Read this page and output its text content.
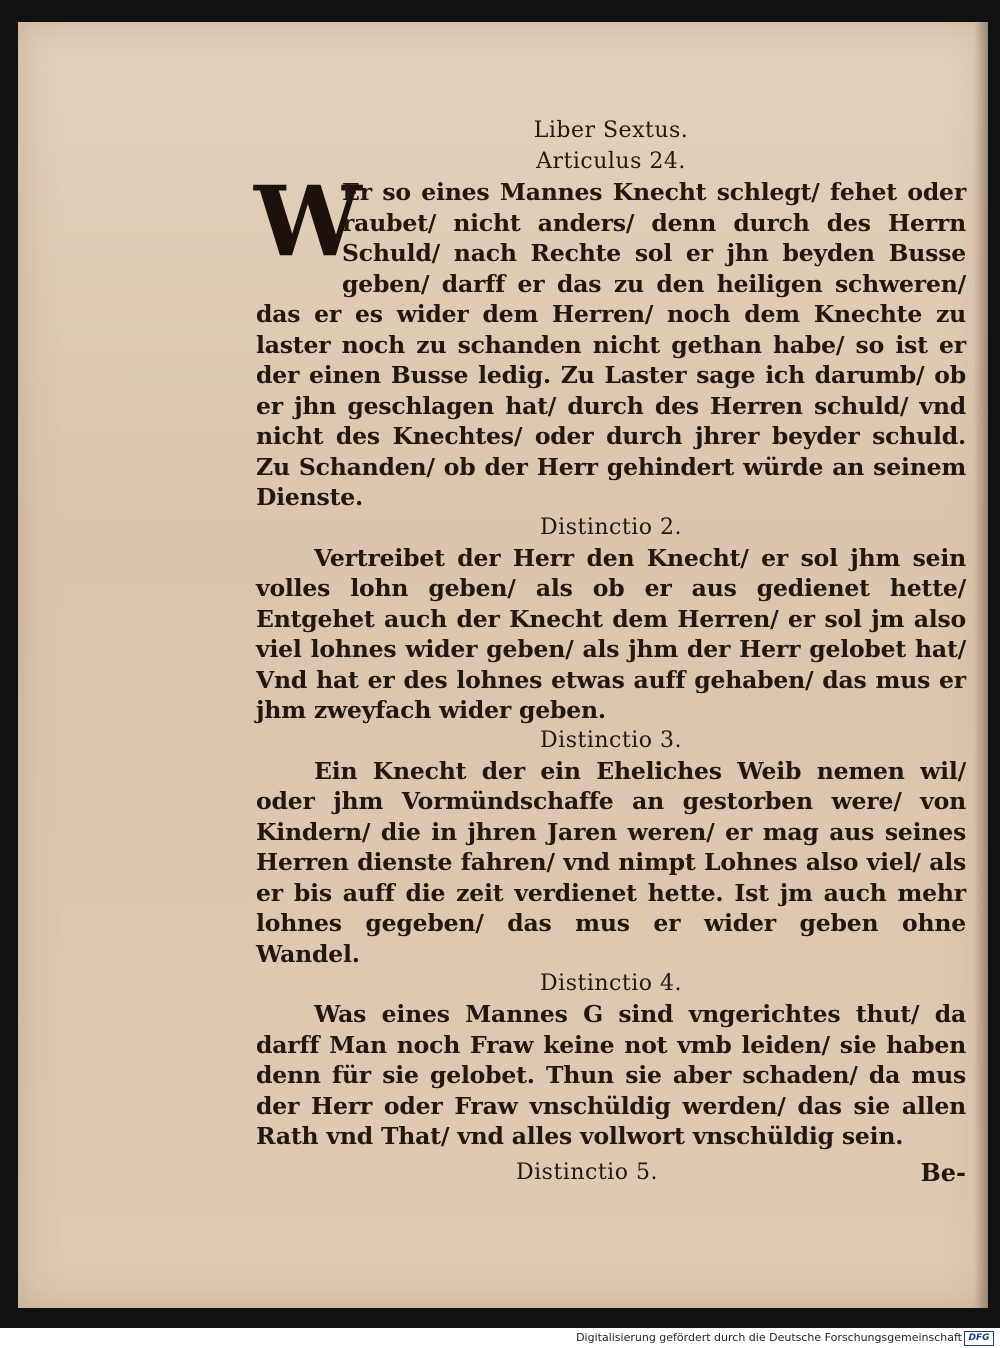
Liber Sextus.
Articulus 24.
W

Er so eines Mannes Knecht schlegt/ fehet oder raubet/ nicht anders/ denn durch des Herrn Schuld/ nach Rechte sol er jhn beyden Busse geben/ darff er das zu den heiligen schweren/ das er es wider dem Herren/ noch dem Knechte zu laster noch zu schanden nicht gethan habe/ so ist er der einen Busse ledig. Zu Laster sage ich darumb/ ob er jhn geschlagen hat/ durch des Herren schuld/ vnd nicht des Knechtes/ oder durch jhrer beyder schuld. Zu Schanden/ ob der Herr gehindert würde an seinem Dienste.

Distinctio 2.

Vertreibet der Herr den Knecht/ er sol jhm sein volles lohn geben/ als ob er aus gedienet hette/ Entgehet auch der Knecht dem Herren/ er sol jm also viel lohnes wider geben/ als jhm der Herr gelobet hat/ Vnd hat er des lohnes etwas auff gehaben/ das mus er jhm zweyfach wider geben.

Distinctio 3.

Ein Knecht der ein Eheliches Weib nemen wil/ oder jhm Vormündschaffe an gestorben were/ von Kindern/ die in jhren Jaren weren/ er mag aus seines Herren dienste fahren/ vnd nimpt Lohnes also viel/ als er bis auff die zeit verdienet hette. Ist jm auch mehr lohnes gegeben/ das mus er wider geben ohne Wandel.

Distinctio 4.

Was eines Mannes G sind vngerichtes thut/ da darff Man noch Fraw keine not vmb leiden/ sie haben denn für sie gelobet. Thun sie aber schaden/ da mus der Herr oder Fraw vnschüldig werden/ das sie allen Rath vnd That/ vnd alles vollwort vnschüldig sein.

Distinctio 5.	Be-
Digitalisierung gefördert durch die Deutsche Forschungsgemeinschaft DFG
